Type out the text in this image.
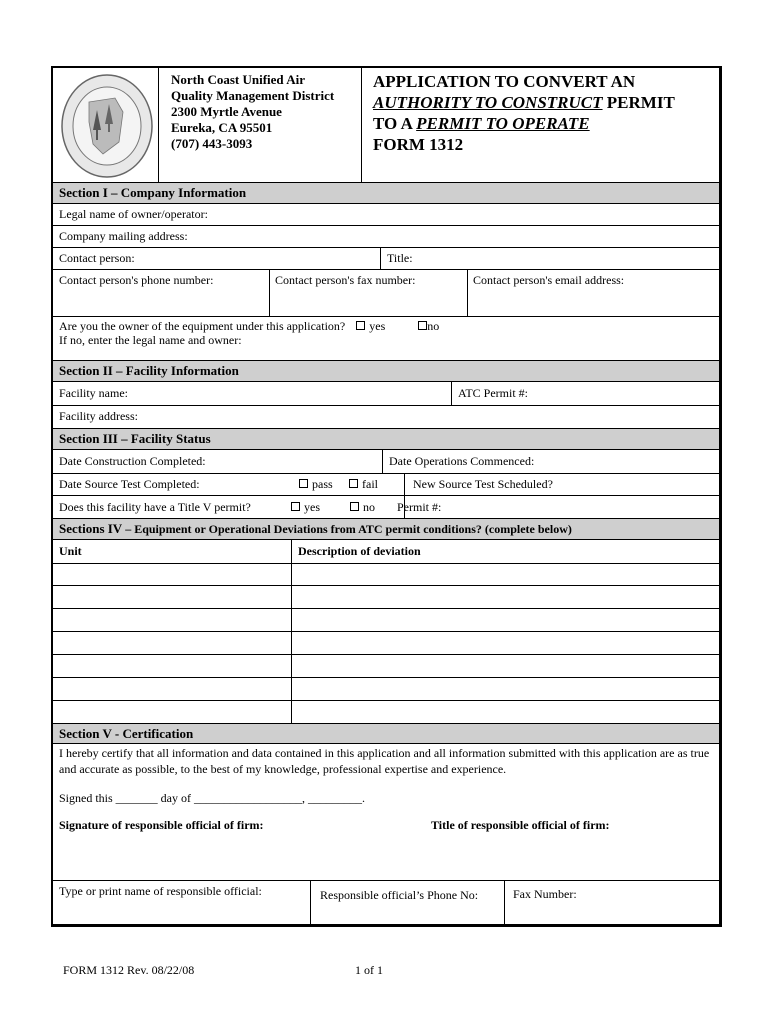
North Coast Unified Air
Quality Management District
2300 Myrtle Avenue
Eureka, CA 95501
(707) 443-3093
APPLICATION TO CONVERT AN
AUTHORITY TO CONSTRUCT PERMIT
TO A PERMIT TO OPERATE
FORM 1312
Section I – Company Information
Legal name of owner/operator:
Company mailing address:
Contact person:	Title:
Contact person's phone number:	Contact person's fax number:	Contact person's email address:
Are you the owner of the equipment under this application? yes	no
If no, enter the legal name and owner:
Section II – Facility Information
Facility name:	ATC Permit #:
Facility address:
Section III – Facility Status
Date Construction Completed:	Date Operations Commenced:
Date Source Test Completed:	pass	fail	New Source Test Scheduled?
Does this facility have a Title V permit?	yes	no Permit #:
Sections IV – Equipment or Operational Deviations from ATC permit conditions? (complete below)
Unit	Description of deviation
Section V - Certification
I hereby certify that all information and data contained in this application and all information submitted with this application are as true and accurate as possible, to the best of my knowledge, professional expertise and experience.
Signed this _______ day of __________________, _________.
Signature of responsible official of firm:	Title of responsible official of firm:
Type or print name of responsible official:	Responsible official’s Phone No:	Fax Number:
FORM 1312 Rev. 08/22/08	1 of 1
